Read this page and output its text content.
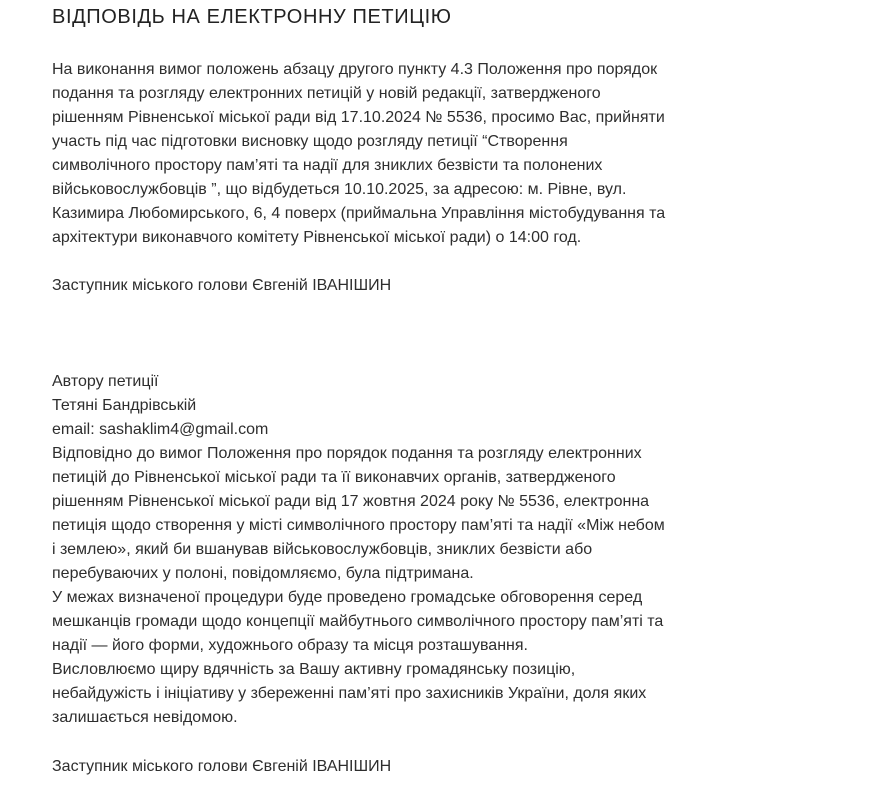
ВІДПОВІДЬ НА ЕЛЕКТРОННУ ПЕТИЦІЮ
На виконання вимог положень абзацу другого пункту 4.3 Положення про порядок
подання та розгляду електронних петицій у новій редакції, затвердженого
рішенням Рівненської міської ради від 17.10.2024 № 5536, просимо Вас, прийняти
участь під час підготовки висновку щодо розгляду петиції “Створення
символічного простору пам’яті та надії для зниклих безвісти та полонених
військовослужбовців ”, що відбудеться 10.10.2025, за адресою: м. Рівне, вул.
Казимира Любомирського, 6, 4 поверх (приймальна Управління містобудування та
архітектури виконавчого комітету Рівненської міської ради) о 14:00 год.

Заступник міського голови Євгеній ІВАНІШИН

Автору петиції
Тетяні Бандрівській
email: sashaklim4@gmail.com
Відповідно до вимог Положення про порядок подання та розгляду електронних
петицій до Рівненської міської ради та її виконавчих органів, затвердженого
рішенням Рівненської міської ради від 17 жовтня 2024 року № 5536, електронна
петиція щодо створення у місті символічного простору пам’яті та надії «Між небом
і землею», який би вшанував військовослужбовців, зниклих безвісти або
перебуваючих у полоні, повідомляємо, була підтримана.
У межах визначеної процедури буде проведено громадське обговорення серед
мешканців громади щодо концепції майбутнього символічного простору пам’яті та
надії — його форми, художнього образу та місця розташування.
Висловлюємо щиру вдячність за Вашу активну громадянську позицію,
небайдужість і ініціативу у збереженні пам’яті про захисників України, доля яких
залишається невідомою.

Заступник міського голови Євгеній ІВАНІШИН
